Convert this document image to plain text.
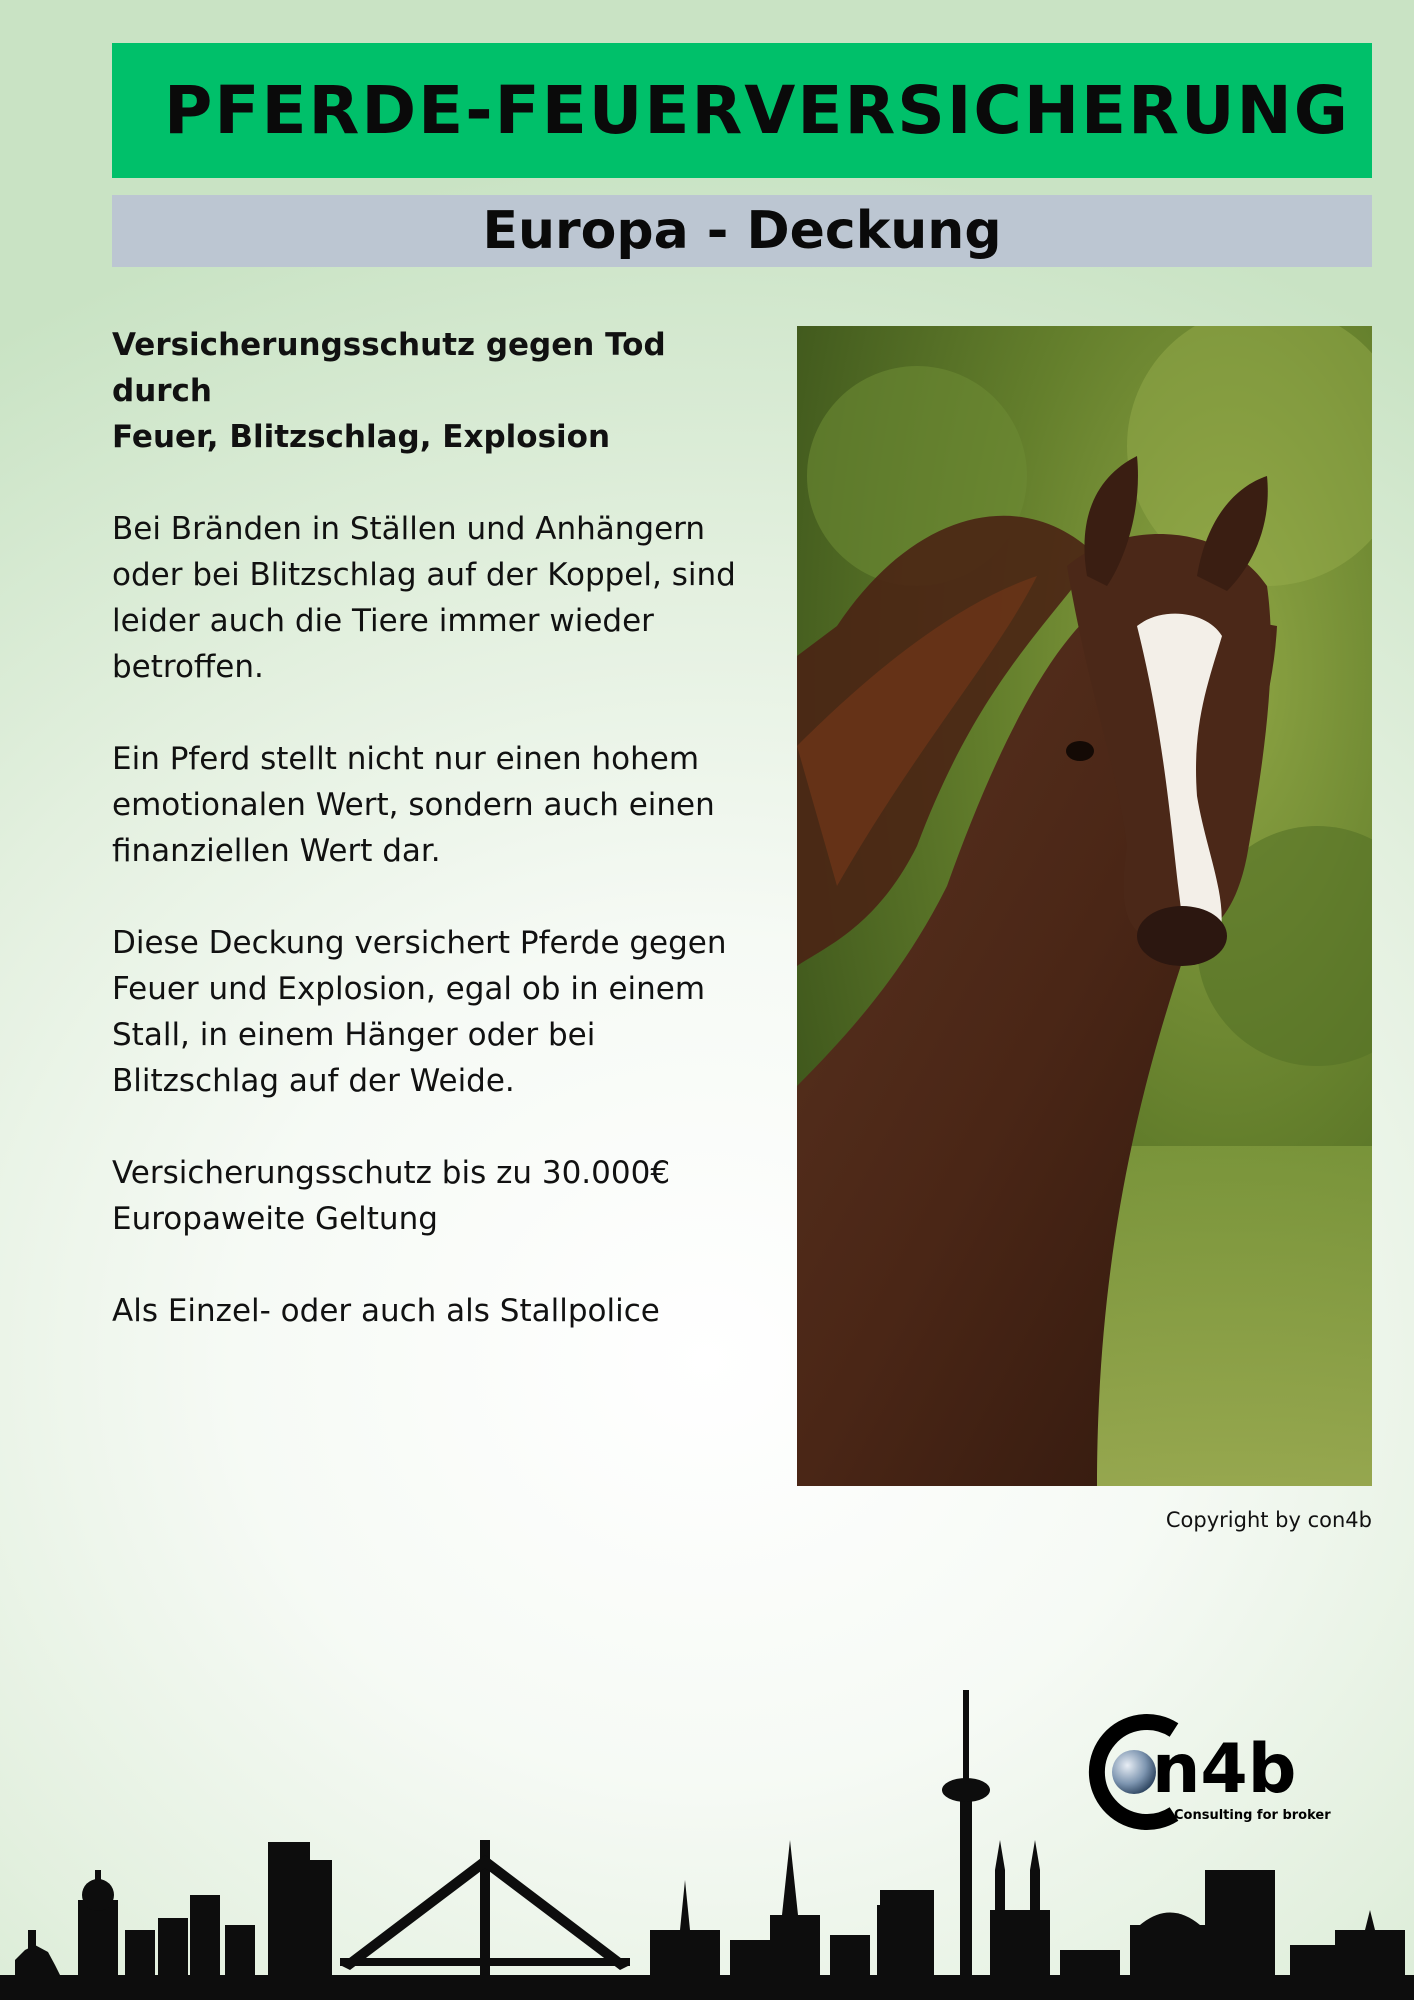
PFERDE-FEUERVERSICHERUNG
Europa - Deckung

Versicherungsschutz gegen Tod durch
Feuer, Blitzschlag, Explosion

Bei Bränden in Ställen und Anhängern
oder bei Blitzschlag auf der Koppel, sind
leider auch die Tiere immer wieder
betroffen.

Ein Pferd stellt nicht nur einen hohem
emotionalen Wert, sondern auch einen
finanziellen Wert dar.

Diese Deckung versichert Pferde gegen
Feuer und Explosion, egal ob in einem
Stall, in einem Hänger oder bei
Blitzschlag auf der Weide.

Versicherungsschutz bis zu 30.000€
Europaweite Geltung

Als Einzel- oder auch als Stallpolice

Copyright by con4b
n4b
Consulting for broker
